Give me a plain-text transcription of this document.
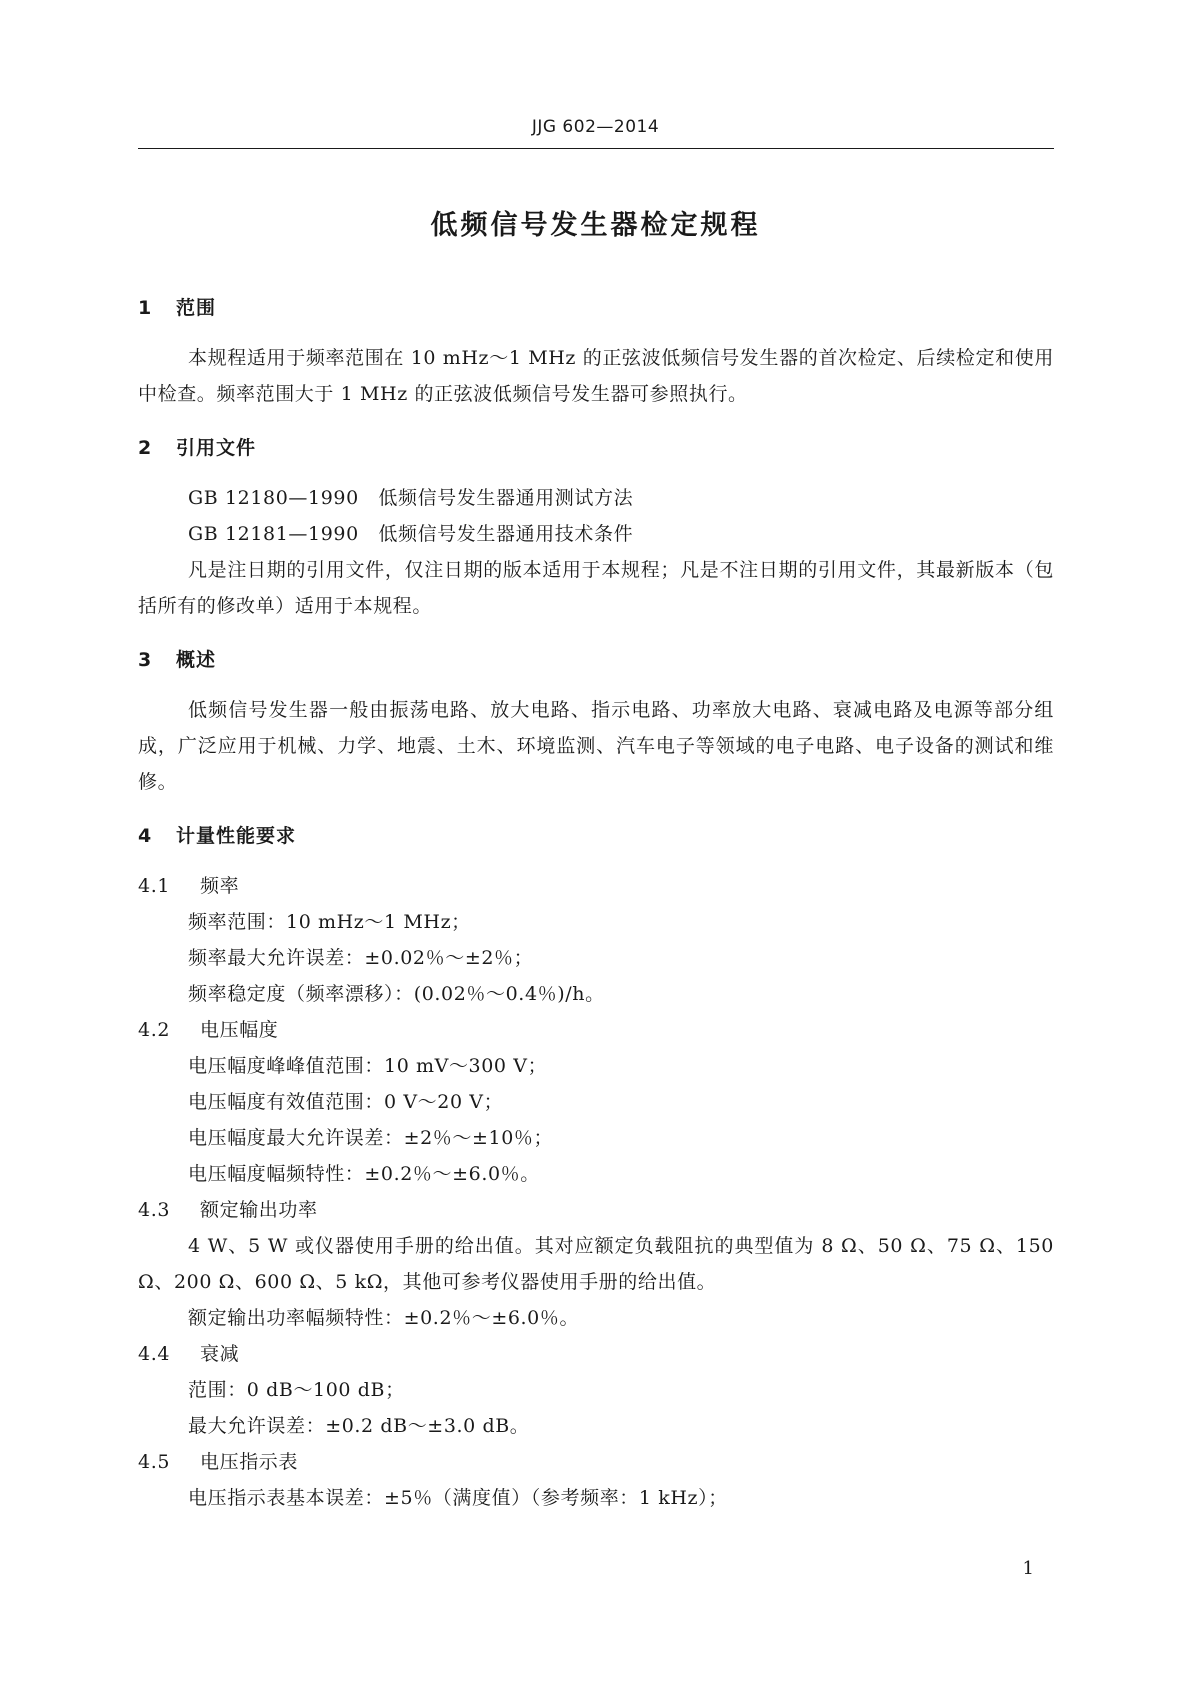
JJG 602—2014
低频信号发生器检定规程
1 范围
本规程适用于频率范围在 10 mHz～1 MHz 的正弦波低频信号发生器的首次检定、后续检定和使用中检查。频率范围大于 1 MHz 的正弦波低频信号发生器可参照执行。
2 引用文件
GB 12180—1990　低频信号发生器通用测试方法
GB 12181—1990　低频信号发生器通用技术条件
凡是注日期的引用文件，仅注日期的版本适用于本规程；凡是不注日期的引用文件，其最新版本（包括所有的修改单）适用于本规程。
3 概述
低频信号发生器一般由振荡电路、放大电路、指示电路、功率放大电路、衰减电路及电源等部分组成，广泛应用于机械、力学、地震、土木、环境监测、汽车电子等领域的电子电路、电子设备的测试和维修。
4 计量性能要求
4.1 频率
频率范围：10 mHz～1 MHz；
频率最大允许误差：±0.02％～±2％；
频率稳定度（频率漂移）：(0.02％～0.4％)/h。
4.2 电压幅度
电压幅度峰峰值范围：10 mV～300 V；
电压幅度有效值范围：0 V～20 V；
电压幅度最大允许误差：±2％～±10％；
电压幅度幅频特性：±0.2％～±6.0％。
4.3 额定输出功率
4 W、5 W 或仪器使用手册的给出值。其对应额定负载阻抗的典型值为 8 Ω、50 Ω、75 Ω、150 Ω、200 Ω、600 Ω、5 kΩ，其他可参考仪器使用手册的给出值。
额定输出功率幅频特性：±0.2％～±6.0％。
4.4 衰减
范围：0 dB～100 dB；
最大允许误差：±0.2 dB～±3.0 dB。
4.5 电压指示表
电压指示表基本误差：±5％（满度值）（参考频率：1 kHz）；
1
